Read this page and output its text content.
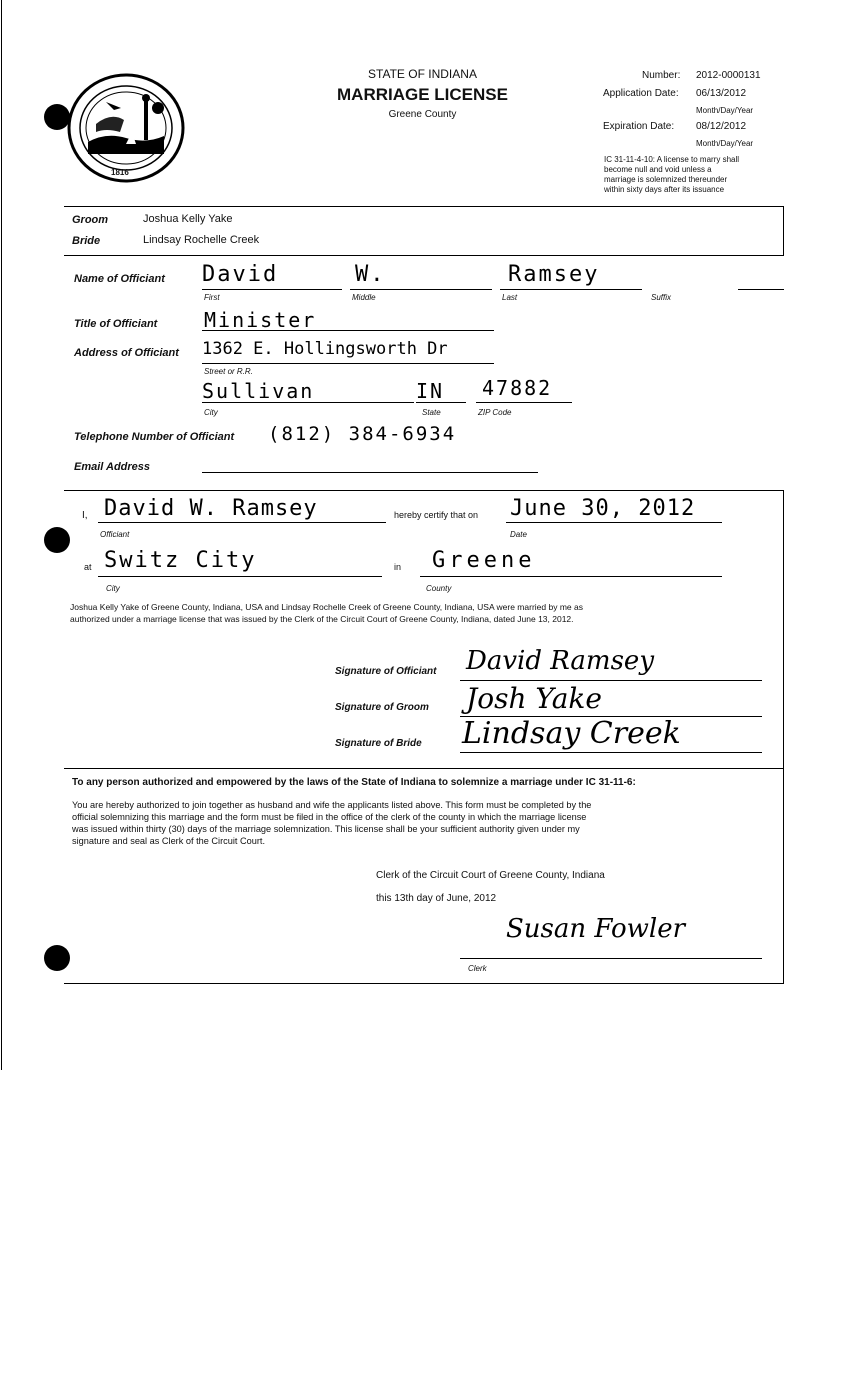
1816
STATE OF INDIANA
MARRIAGE LICENSE
Greene County
Number: 2012-0000131
Application Date: 06/13/2012
Month/Day/Year
Expiration Date: 08/12/2012
Month/Day/Year
IC 31-11-4-10: A license to marry shall
become null and void unless a
marriage is solemnized thereunder
within sixty days after its issuance
Groom	Joshua Kelly Yake
Bride	Lindsay Rochelle Creek
Name of Officiant David
First
W.
Middle
Ramsey
Last	Suffix
Title of Officiant Minister
Address of Officiant 1362 E. Hollingsworth Dr
Street or R.R.
Sullivan
City
IN
State
47882
ZIP Code
Telephone Number of Officiant (812) 384-6934
Email Address
I, David W. Ramsey
Officiant
hereby certify that on June 30, 2012
Date
at Switz City
City
in Greene
County
Joshua Kelly Yake of Greene County, Indiana, USA and Lindsay Rochelle Creek of Greene County, Indiana, USA were married by me as
authorized under a marriage license that was issued by the Clerk of the Circuit Court of Greene County, Indiana, dated June 13, 2012.
Signature of Officiant David Ramsey
Signature of Groom Josh Yake
Signature of Bride Lindsay Creek
To any person authorized and empowered by the laws of the State of Indiana to solemnize a marriage under IC 31-11-6:
You are hereby authorized to join together as husband and wife the applicants listed above. This form must be completed by the
official solemnizing this marriage and the form must be filed in the office of the clerk of the county in which the marriage license
was issued within thirty (30) days of the marriage solemnization. This license shall be your sufficient authority given under my
signature and seal as Clerk of the Circuit Court.
Clerk of the Circuit Court of Greene County, Indiana
this 13th day of June, 2012
Susan Fowler
Clerk
